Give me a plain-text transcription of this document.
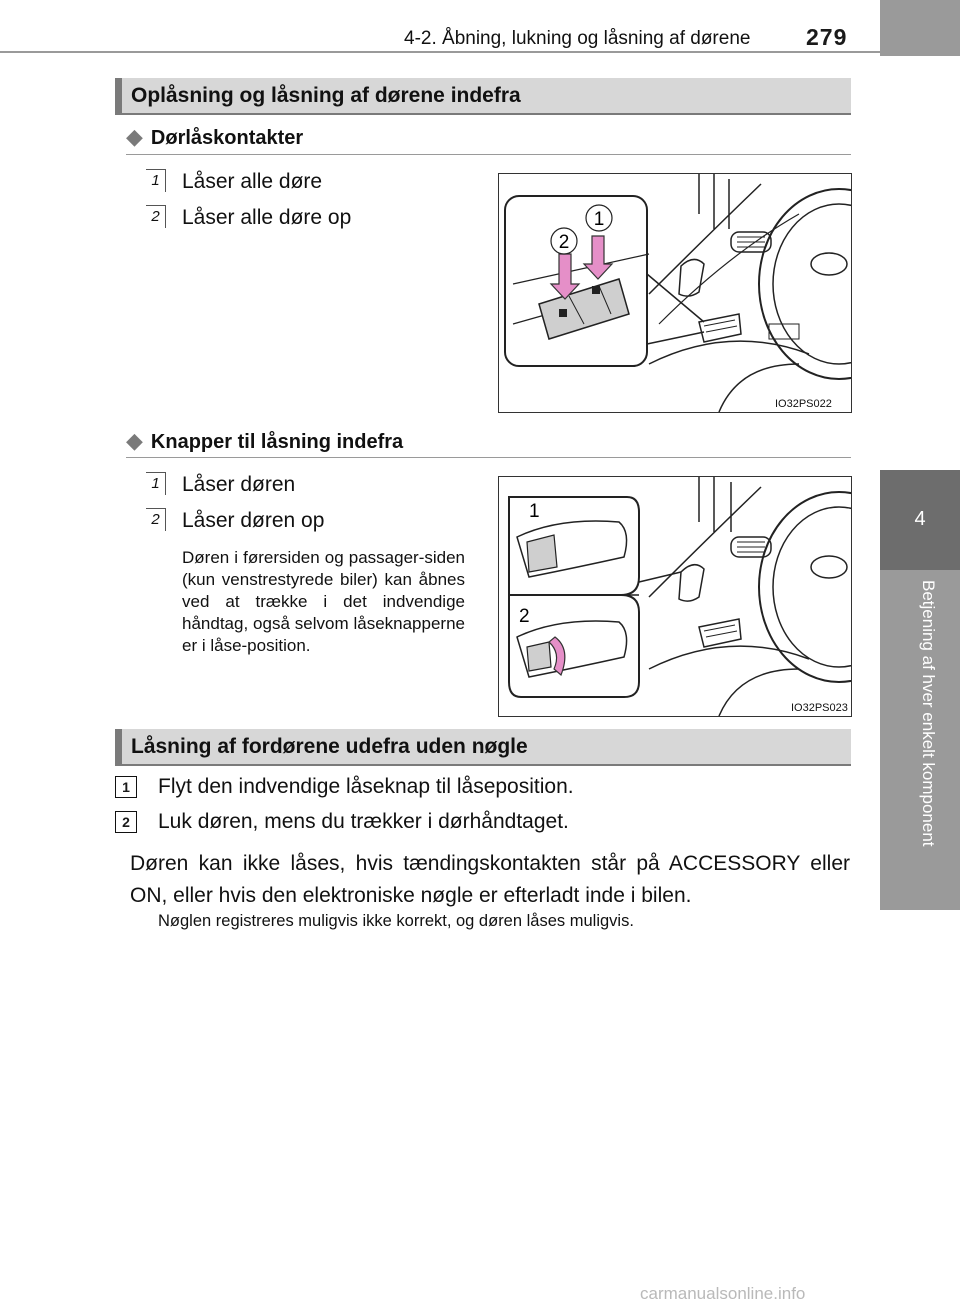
4-2. Åbning, lukning og låsning af dørene 279
4
Betjening af hver enkelt komponent
Oplåsning og låsning af dørene indefra
◆ Dørlåskontakter
1	Låser alle døre
2	Låser alle døre op	1
2
IO32PS022
◆ Knapper til låsning indefra
1	Låser døren
2	Låser døren op
Døren i førersiden og passager-siden (kun venstrestyrede biler) kan åbnes ved at trække i det indvendige håndtag, også selvom låseknapperne er i låse-position.
1
2
IO32PS023
Låsning af fordørene udefra uden nøgle
1	Flyt den indvendige låseknap til låseposition.
2	Luk døren, mens du trækker i dørhåndtaget.
Døren kan ikke låses, hvis tændingskontakten står på ACCESSORY eller ON, eller hvis den elektroniske nøgle er efterladt inde i bilen.
Nøglen registreres muligvis ikke korrekt, og døren låses muligvis.
carmanualsonline.info
